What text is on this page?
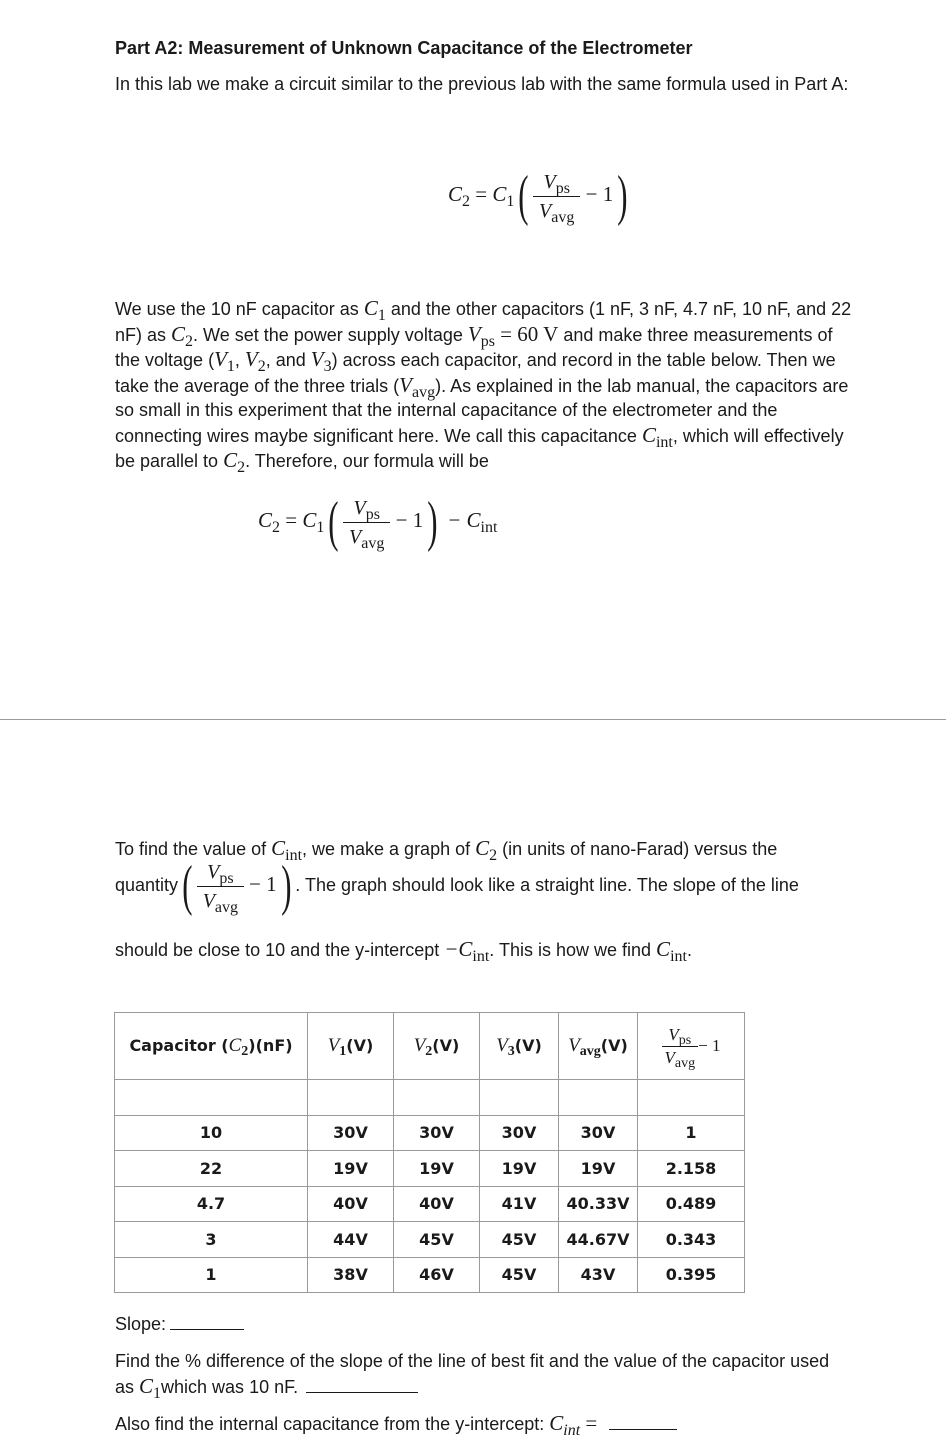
Part A2: Measurement of Unknown Capacitance of the Electrometer
In this lab we make a circuit similar to the previous lab with the same formula used in Part A:
$C_2 = C_1( \frac{V_{ps}}{V_{avg}} - 1)$
We use the 10 nF capacitor as C1 and the other capacitors (1 nF, 3 nF, 4.7 nF, 10 nF, and 22 nF) as C2. We set the power supply voltage Vps = 60 V and make three measurements of the voltage (V1, V2, and V3) across each capacitor, and record in the table below. Then we take the average of the three trials (Vavg). As explained in the lab manual, the capacitors are so small in this experiment that the internal capacitance of the electrometer and the connecting wires maybe significant here. We call this capacitance Cint, which will effectively be parallel to C2. Therefore, our formula will be
$C_2 = C_1( \frac{V_{ps}}{V_{avg}} - 1) - C_{int}$
To find the value of Cint, we make a graph of C2 (in units of nano-Farad) versus the
quantity( $\frac{V_{ps}}{V_{avg}} - 1$) . The graph should look like a straight line. The slope of the line
should be close to 10 and the y-intercept −Cint. This is how we find Cint.
Capacitor (C2)(nF)	V1(V)	V2(V)	V3(V)	Vavg(V)	$\frac{V_{ps}}{V_{avg}} - 1$

10	30V	30V	30V	30V	1
22	19V	19V	19V	19V	2.158
4.7	40V	40V	41V	40.33V	0.489
3	44V	45V	45V	44.67V	0.343
1	38V	46V	45V	43V	0.395
Slope:
Find the % difference of the slope of the line of best fit and the value of the capacitor used as C1which was 10 nF.
Also find the internal capacitance from the y-intercept: Cint =
